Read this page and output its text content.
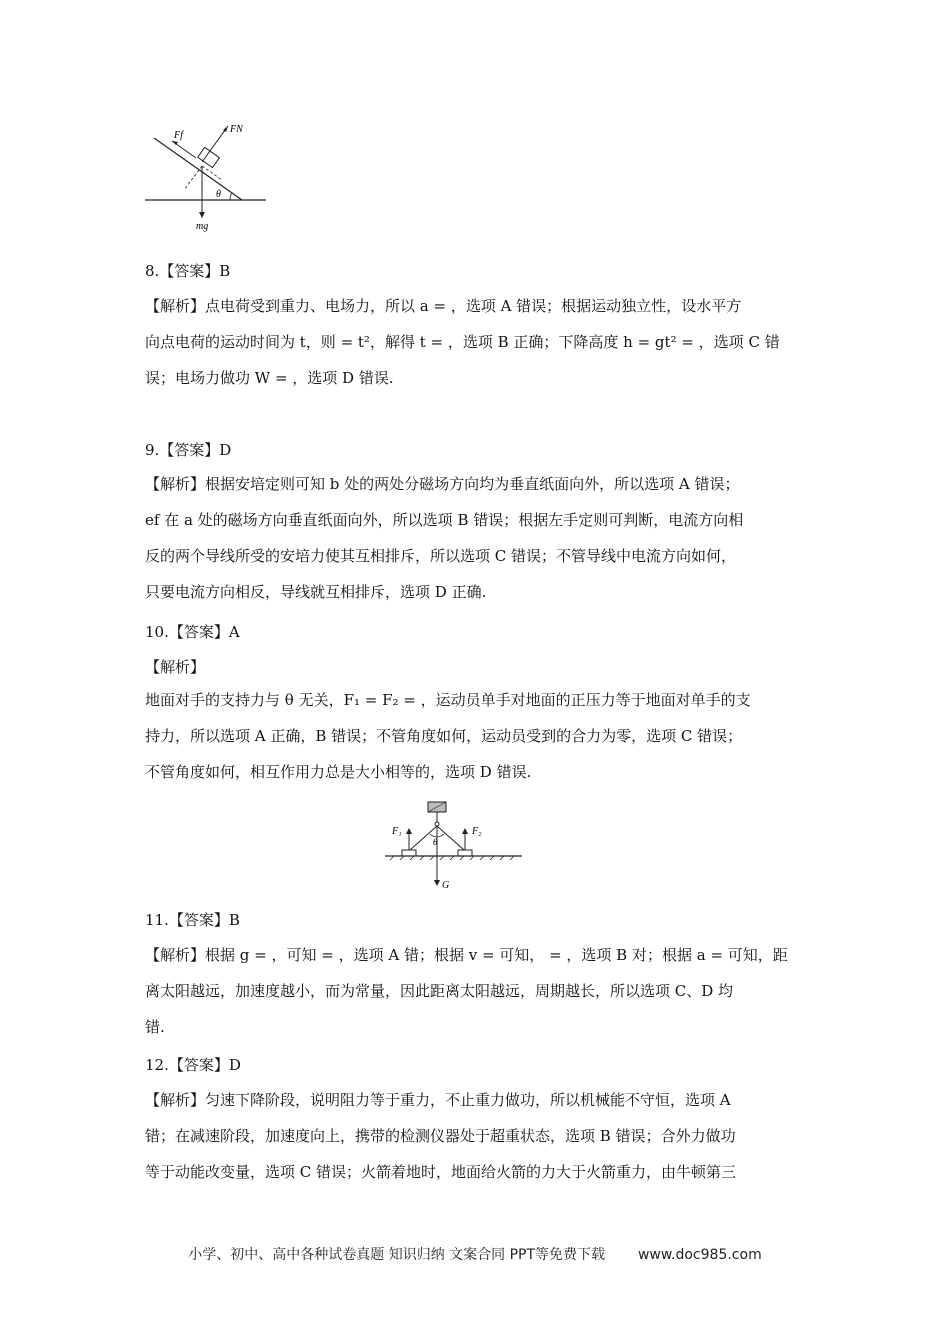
Ff
FN
θ
mg
8.【答案】B

【解析】点电荷受到重力、电场力，所以 a = ，选项 A 错误；根据运动独立性，设水平方

向点电荷的运动时间为 t，则 = t²，解得 t = ，选项 B 正确；下降高度 h = gt² = ，选项 C 错

误；电场力做功 W = ，选项 D 错误.

9.【答案】D

【解析】根据安培定则可知 b 处的两处分磁场方向均为垂直纸面向外，所以选项 A 错误；

ef 在 a 处的磁场方向垂直纸面向外，所以选项 B 错误；根据左手定则可判断，电流方向相

反的两个导线所受的安培力使其互相排斥，所以选项 C 错误；不管导线中电流方向如何，

只要电流方向相反，导线就互相排斥，选项 D 正确.

10.【答案】A
【解析】

地面对手的支持力与 θ 无关，F₁ = F₂ = ，运动员单手对地面的正压力等于地面对单手的支

持力，所以选项 A 正确，B 错误；不管角度如何，运动员受到的合力为零，选项 C 错误；

不管角度如何，相互作用力总是大小相等的，选项 D 错误.

F₁	F₂
θ
G
11.【答案】B

【解析】根据 g = ，可知 = ，选项 A 错；根据 v = 可知， = ，选项 B 对；根据 a = 可知，距

离太阳越远，加速度越小，而为常量，因此距离太阳越远，周期越长，所以选项 C、D 均

错.

12.【答案】D

【解析】匀速下降阶段，说明阻力等于重力，不止重力做功，所以机械能不守恒，选项 A

错；在减速阶段，加速度向上，携带的检测仪器处于超重状态，选项 B 错误；合外力做功

等于动能改变量，选项 C 错误；火箭着地时，地面给火箭的力大于火箭重力，由牛顿第三

小学、初中、高中各种试卷真题 知识归纳 文案合同 PPT等免费下载 www.doc985.com
